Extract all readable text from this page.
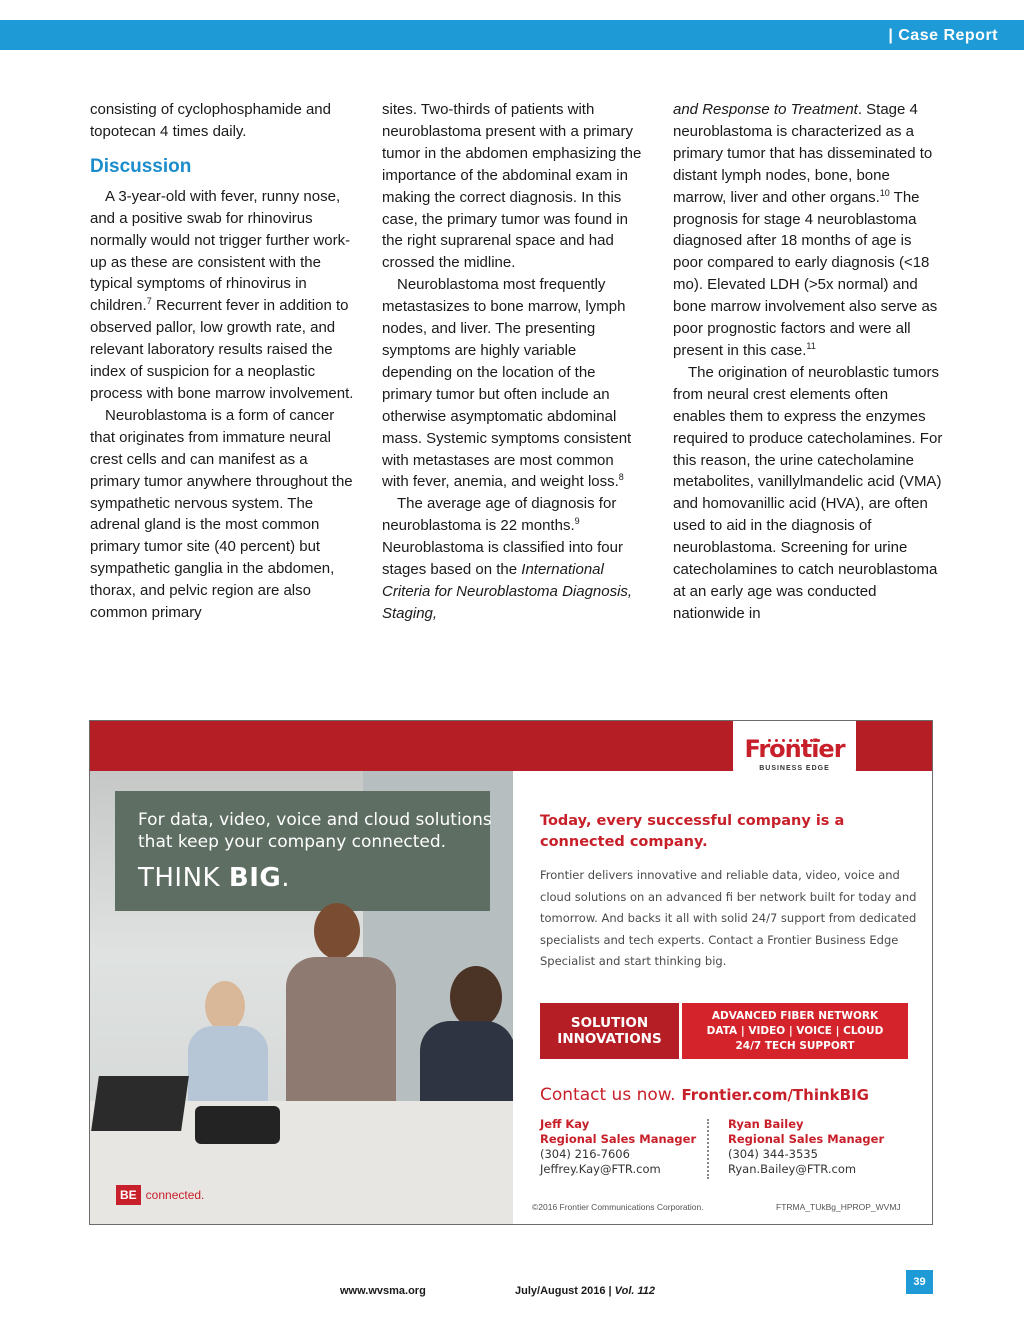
| Case Report

consisting of cyclophosphamide and topotecan 4 times daily.

Discussion

A 3-year-old with fever, runny nose, and a positive swab for rhinovirus normally would not trigger further work-up as these are consistent with the typical symptoms of rhinovirus in children.$^7$ Recurrent fever in addition to observed pallor, low growth rate, and relevant laboratory results raised the index of suspicion for a neoplastic process with bone marrow involvement.

Neuroblastoma is a form of cancer that originates from immature neural crest cells and can manifest as a primary tumor anywhere throughout the sympathetic nervous system. The adrenal gland is the most common primary tumor site (40 percent) but sympathetic ganglia in the abdomen, thorax, and pelvic region are also common primary

sites. Two-thirds of patients with neuroblastoma present with a primary tumor in the abdomen emphasizing the importance of the abdominal exam in making the correct diagnosis. In this case, the primary tumor was found in the right suprarenal space and had crossed the midline.

Neuroblastoma most frequently metastasizes to bone marrow, lymph nodes, and liver. The presenting symptoms are highly variable depending on the location of the primary tumor but often include an otherwise asymptomatic abdominal mass. Systemic symptoms consistent with metastases are most common with fever, anemia, and weight loss.$^8$

The average age of diagnosis for neuroblastoma is 22 months.$^9$ Neuroblastoma is classified into four stages based on the International Criteria for Neuroblastoma Diagnosis, Staging,

and Response to Treatment. Stage 4 neuroblastoma is characterized as a primary tumor that has disseminated to distant lymph nodes, bone, bone marrow, liver and other organs.$^{10}$ The prognosis for stage 4 neuroblastoma diagnosed after 18 months of age is poor compared to early diagnosis (<18 mo). Elevated LDH (>5x normal) and bone marrow involvement also serve as poor prognostic factors and were all present in this case.$^{11}$

The origination of neuroblastic tumors from neural crest elements often enables them to express the enzymes required to produce catecholamines. For this reason, the urine catecholamine metabolites, vanillylmandelic acid (VMA) and homovanillic acid (HVA), are often used to aid in the diagnosis of neuroblastoma. Screening for urine catecholamines to catch neuroblastoma at an early age was conducted nationwide in

Frontier
BUSINESS EDGE
For data, video, voice and cloud solutions that keep your company connected.
THINK BIG.
BE connected.

Today, every successful company is a connected company.

Frontier delivers innovative and reliable data, video, voice and cloud solutions on an advanced fi ber network built for today and tomorrow. And backs it all with solid 24/7 support from dedicated specialists and tech experts. Contact a Frontier Business Edge Specialist and start thinking big.
SOLUTION INNOVATIONS
ADVANCED FIBER NETWORK
DATA | VIDEO | VOICE | CLOUD
24/7 TECH SUPPORT
Contact us now. Frontier.com/ThinkBIG
Jeff Kay
Regional Sales Manager
(304) 216-7606
Jeffrey.Kay@FTR.com
Ryan Bailey
Regional Sales Manager
(304) 344-3535
Ryan.Bailey@FTR.com
©2016 Frontier Communications Corporation.	FTRMA_TUkBg_HPROP_WVMJ
www.wvsma.org	July/August 2016 | Vol. 112
39
